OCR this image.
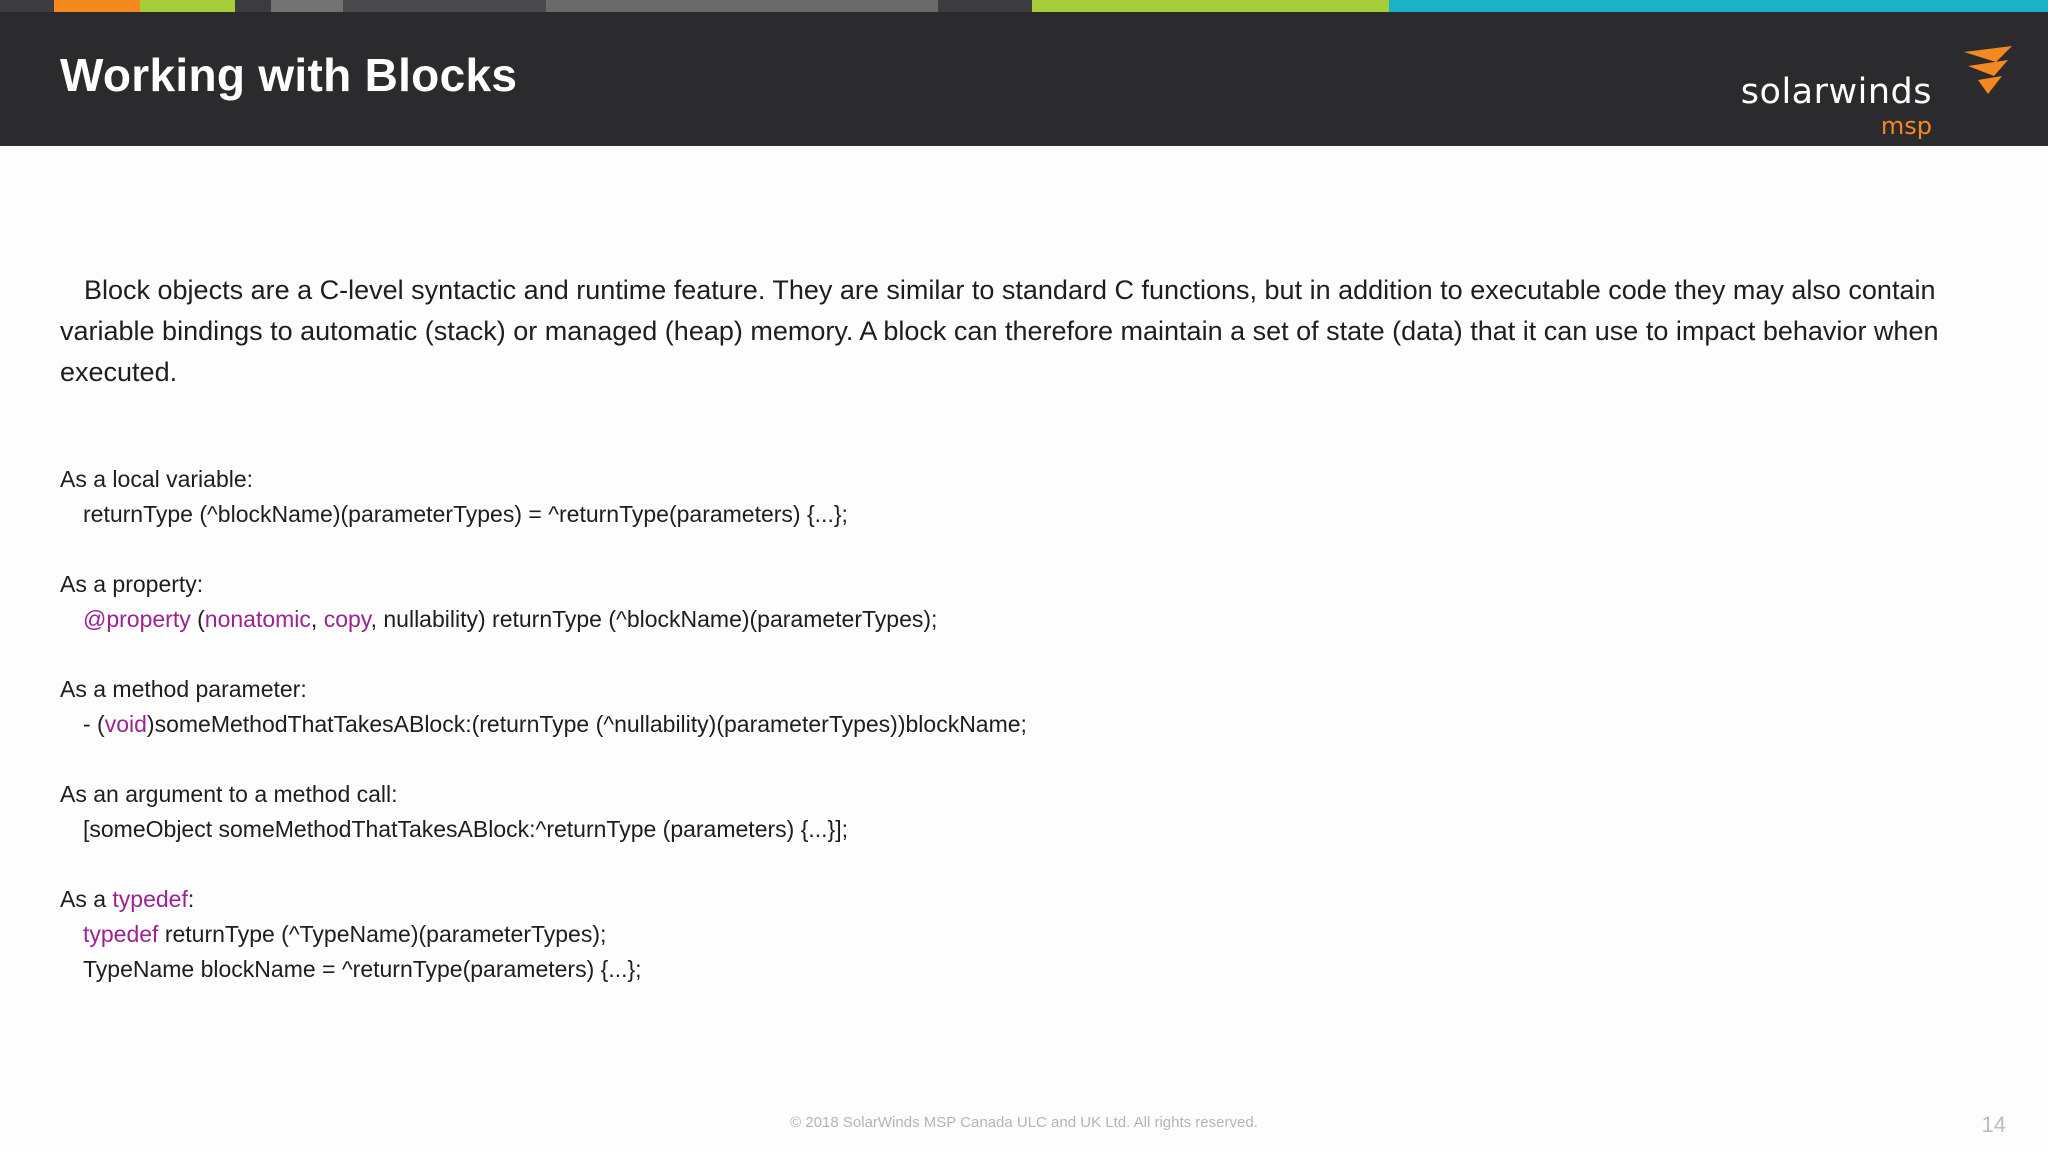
Working with Blocks	solarwinds
msp

Block objects are a C-level syntactic and runtime feature. They are similar to standard C functions, but in addition to executable code they may also contain variable bindings to automatic (stack) or managed (heap) memory. A block can therefore maintain a set of state (data) that it can use to impact behavior when executed.

As a local variable:
returnType (^blockName)(parameterTypes) = ^returnType(parameters) {...};
As a property:
@property (nonatomic, copy, nullability) returnType (^blockName)(parameterTypes);
As a method parameter:
- (void)someMethodThatTakesABlock:(returnType (^nullability)(parameterTypes))blockName;
As an argument to a method call:
[someObject someMethodThatTakesABlock:^returnType (parameters) {...}];
As a typedef:
typedef returnType (^TypeName)(parameterTypes);
TypeName blockName = ^returnType(parameters) {...};
© 2018 SolarWinds MSP Canada ULC and UK Ltd. All rights reserved.	14
